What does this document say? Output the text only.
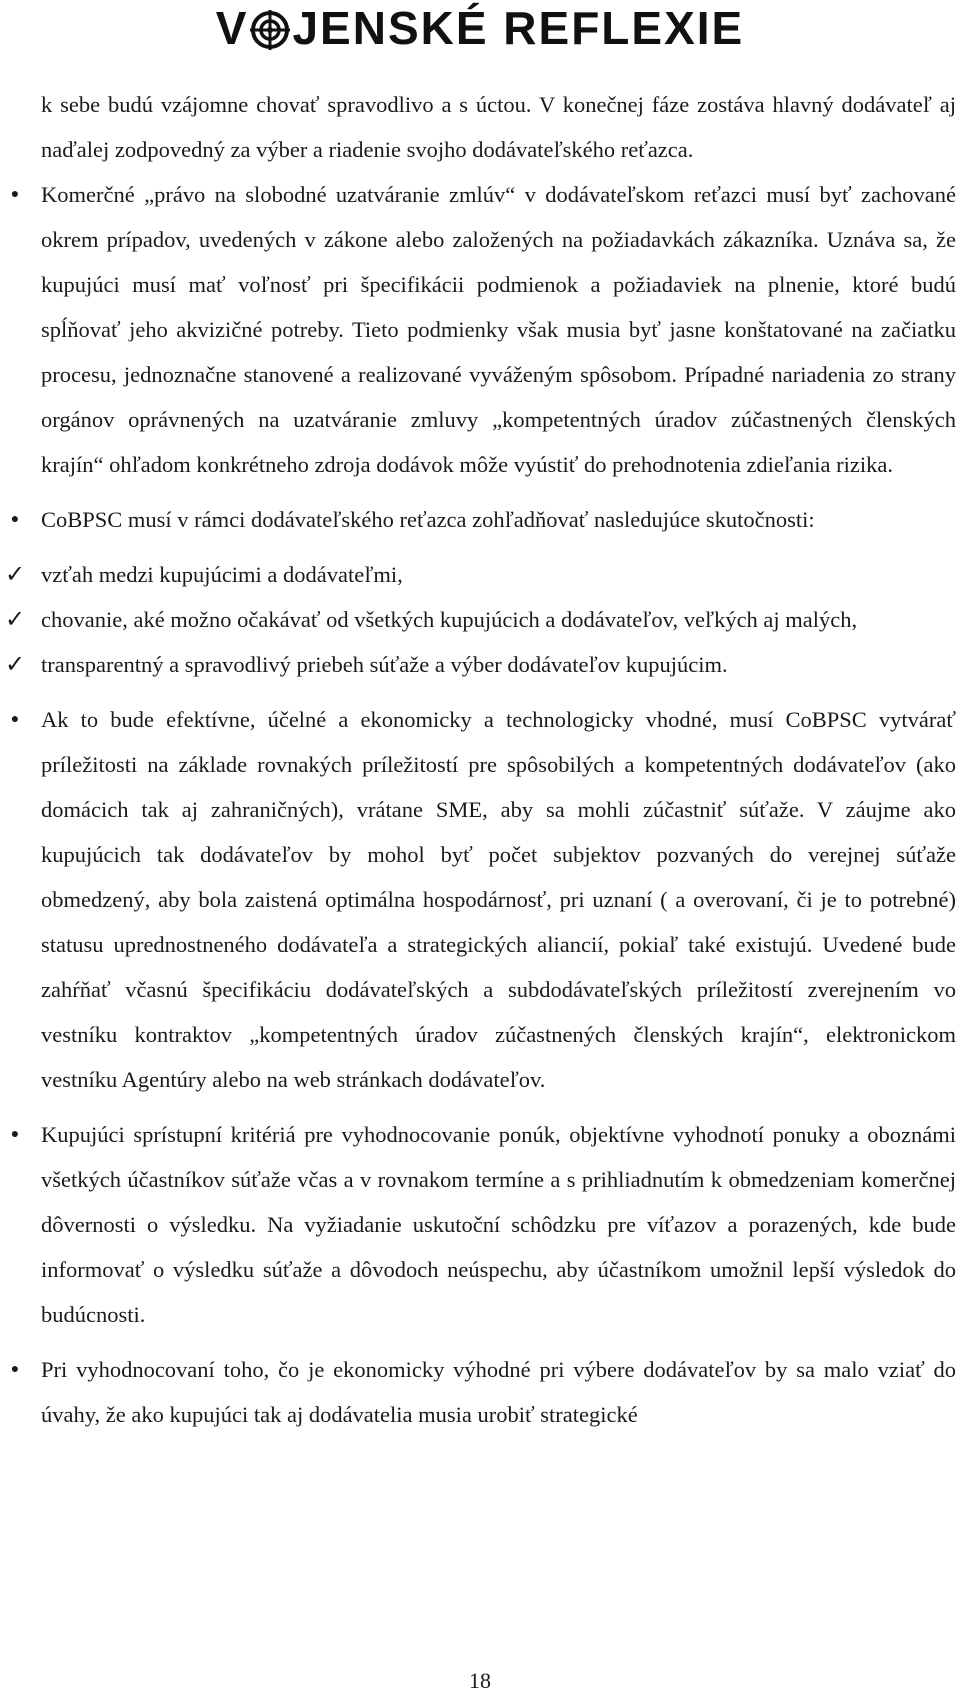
V JENSKÉ REFLEXIE

k sebe budú vzájomne chovať spravodlivo a s úctou. V konečnej fáze zostáva hlavný dodávateľ aj naďalej zodpovedný za výber a riadenie svojho dodávateľského reťazca.

● Komerčné „právo na slobodné uzatváranie zmlúv“ v dodávateľskom reťazci musí byť zachované okrem prípadov, uvedených v zákone alebo založených na požiadavkách zákazníka. Uznáva sa, že kupujúci musí mať voľnosť pri špecifikácii podmienok a požiadaviek na plnenie, ktoré budú spĺňovať jeho akvizičné potreby. Tieto podmienky však musia byť jasne konštatované na začiatku procesu, jednoznačne stanovené a realizované vyváženým spôsobom. Prípadné nariadenia zo strany orgánov oprávnených na uzatváranie zmluvy „kompetentných úradov zúčastnených členských krajín“ ohľadom konkrétneho zdroja dodávok môže vyústiť do prehodnotenia zdieľania rizika.

● CoBPSC musí v rámci dodávateľského reťazca zohľadňovať nasledujúce skutočnosti:

✓ vzťah medzi kupujúcimi a dodávateľmi,

✓ chovanie, aké možno očakávať od všetkých kupujúcich a dodávateľov, veľkých aj malých,

✓ transparentný a spravodlivý priebeh súťaže a výber dodávateľov kupujúcim.

● Ak to bude efektívne, účelné a ekonomicky a technologicky vhodné, musí CoBPSC vytvárať príležitosti na základe rovnakých príležitostí pre spôsobilých a kompetentných dodávateľov (ako domácich tak aj zahraničných), vrátane SME, aby sa mohli zúčastniť súťaže. V záujme ako kupujúcich tak dodávateľov by mohol byť počet subjektov pozvaných do verejnej súťaže obmedzený, aby bola zaistená optimálna hospodárnosť, pri uznaní ( a overovaní, či je to potrebné) statusu uprednostneného dodávateľa a strategických aliancií, pokiaľ také existujú. Uvedené bude zahŕňať včasnú špecifikáciu dodávateľských a subdodávateľských príležitostí zverejnením vo vestníku kontraktov „kompetentných úradov zúčastnených členských krajín“, elektronickom vestníku Agentúry alebo na web stránkach dodávateľov.

● Kupujúci sprístupní kritériá pre vyhodnocovanie ponúk, objektívne vyhodnotí ponuky a oboznámi všetkých účastníkov súťaže včas a v rovnakom termíne a s prihliadnutím k obmedzeniam komerčnej dôvernosti o výsledku. Na vyžiadanie uskutoční schôdzku pre víťazov a porazených, kde bude informovať o výsledku súťaže a dôvodoch neúspechu, aby účastníkom umožnil lepší výsledok do budúcnosti.

● Pri vyhodnocovaní toho, čo je ekonomicky výhodné pri výbere dodávateľov by sa malo vziať do úvahy, že ako kupujúci tak aj dodávatelia musia urobiť strategické

18
